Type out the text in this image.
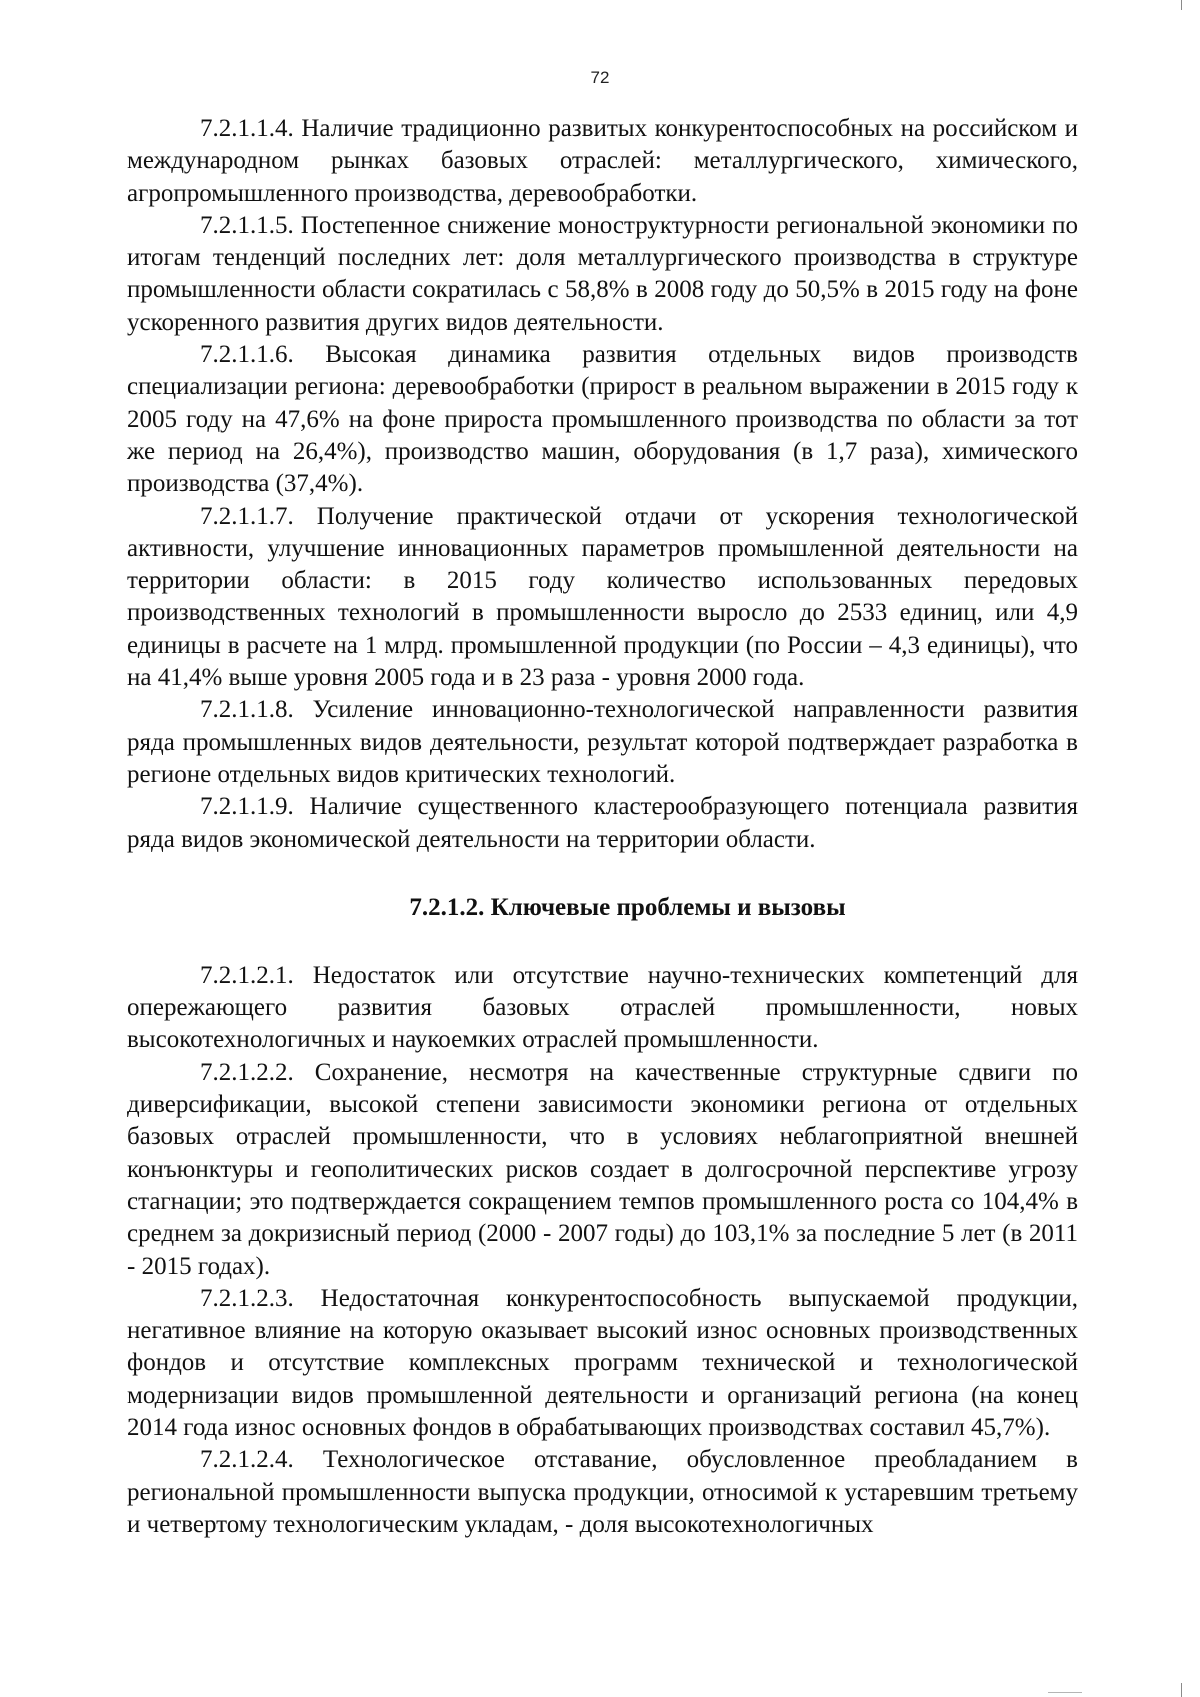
72

7.2.1.1.4. Наличие традиционно развитых конкурентоспособных на российском и международном рынках базовых отраслей: металлургического, химического, агропромышленного производства, деревообработки.

7.2.1.1.5. Постепенное снижение моноструктурности региональной экономики по итогам тенденций последних лет: доля металлургического производства в структуре промышленности области сократилась с 58,8% в 2008 году до 50,5% в 2015 году на фоне ускоренного развития других видов деятельности.

7.2.1.1.6. Высокая динамика развития отдельных видов производств специализации региона: деревообработки (прирост в реальном выражении в 2015 году к 2005 году на 47,6% на фоне прироста промышленного производства по области за тот же период на 26,4%), производство машин, оборудования (в 1,7 раза), химического производства (37,4%).

7.2.1.1.7. Получение практической отдачи от ускорения технологической активности, улучшение инновационных параметров промышленной деятельности на территории области: в 2015 году количество использованных передовых производственных технологий в промышленности выросло до 2533 единиц, или 4,9 единицы в расчете на 1 млрд. промышленной продукции (по России – 4,3 единицы), что на 41,4% выше уровня 2005 года и в 23 раза - уровня 2000 года.

7.2.1.1.8. Усиление инновационно-технологической направленности развития ряда промышленных видов деятельности, результат которой подтверждает разработка в регионе отдельных видов критических технологий.

7.2.1.1.9. Наличие существенного кластерообразующего потенциала развития ряда видов экономической деятельности на территории области.

7.2.1.2. Ключевые проблемы и вызовы

7.2.1.2.1. Недостаток или отсутствие научно-технических компетенций для опережающего развития базовых отраслей промышленности, новых высокотехнологичных и наукоемких отраслей промышленности.

7.2.1.2.2. Сохранение, несмотря на качественные структурные сдвиги по диверсификации, высокой степени зависимости экономики региона от отдельных базовых отраслей промышленности, что в условиях неблагоприятной внешней конъюнктуры и геополитических рисков создает в долгосрочной перспективе угрозу стагнации; это подтверждается сокращением темпов промышленного роста со 104,4% в среднем за докризисный период (2000 - 2007 годы) до 103,1% за последние 5 лет (в 2011 - 2015 годах).

7.2.1.2.3. Недостаточная конкурентоспособность выпускаемой продукции, негативное влияние на которую оказывает высокий износ основных производственных фондов и отсутствие комплексных программ технической и технологической модернизации видов промышленной деятельности и организаций региона (на конец 2014 года износ основных фондов в обрабатывающих производствах составил 45,7%).

7.2.1.2.4. Технологическое отставание, обусловленное преобладанием в региональной промышленности выпуска продукции, относимой к устаревшим третьему и четвертому технологическим укладам, - доля высокотехнологичных
